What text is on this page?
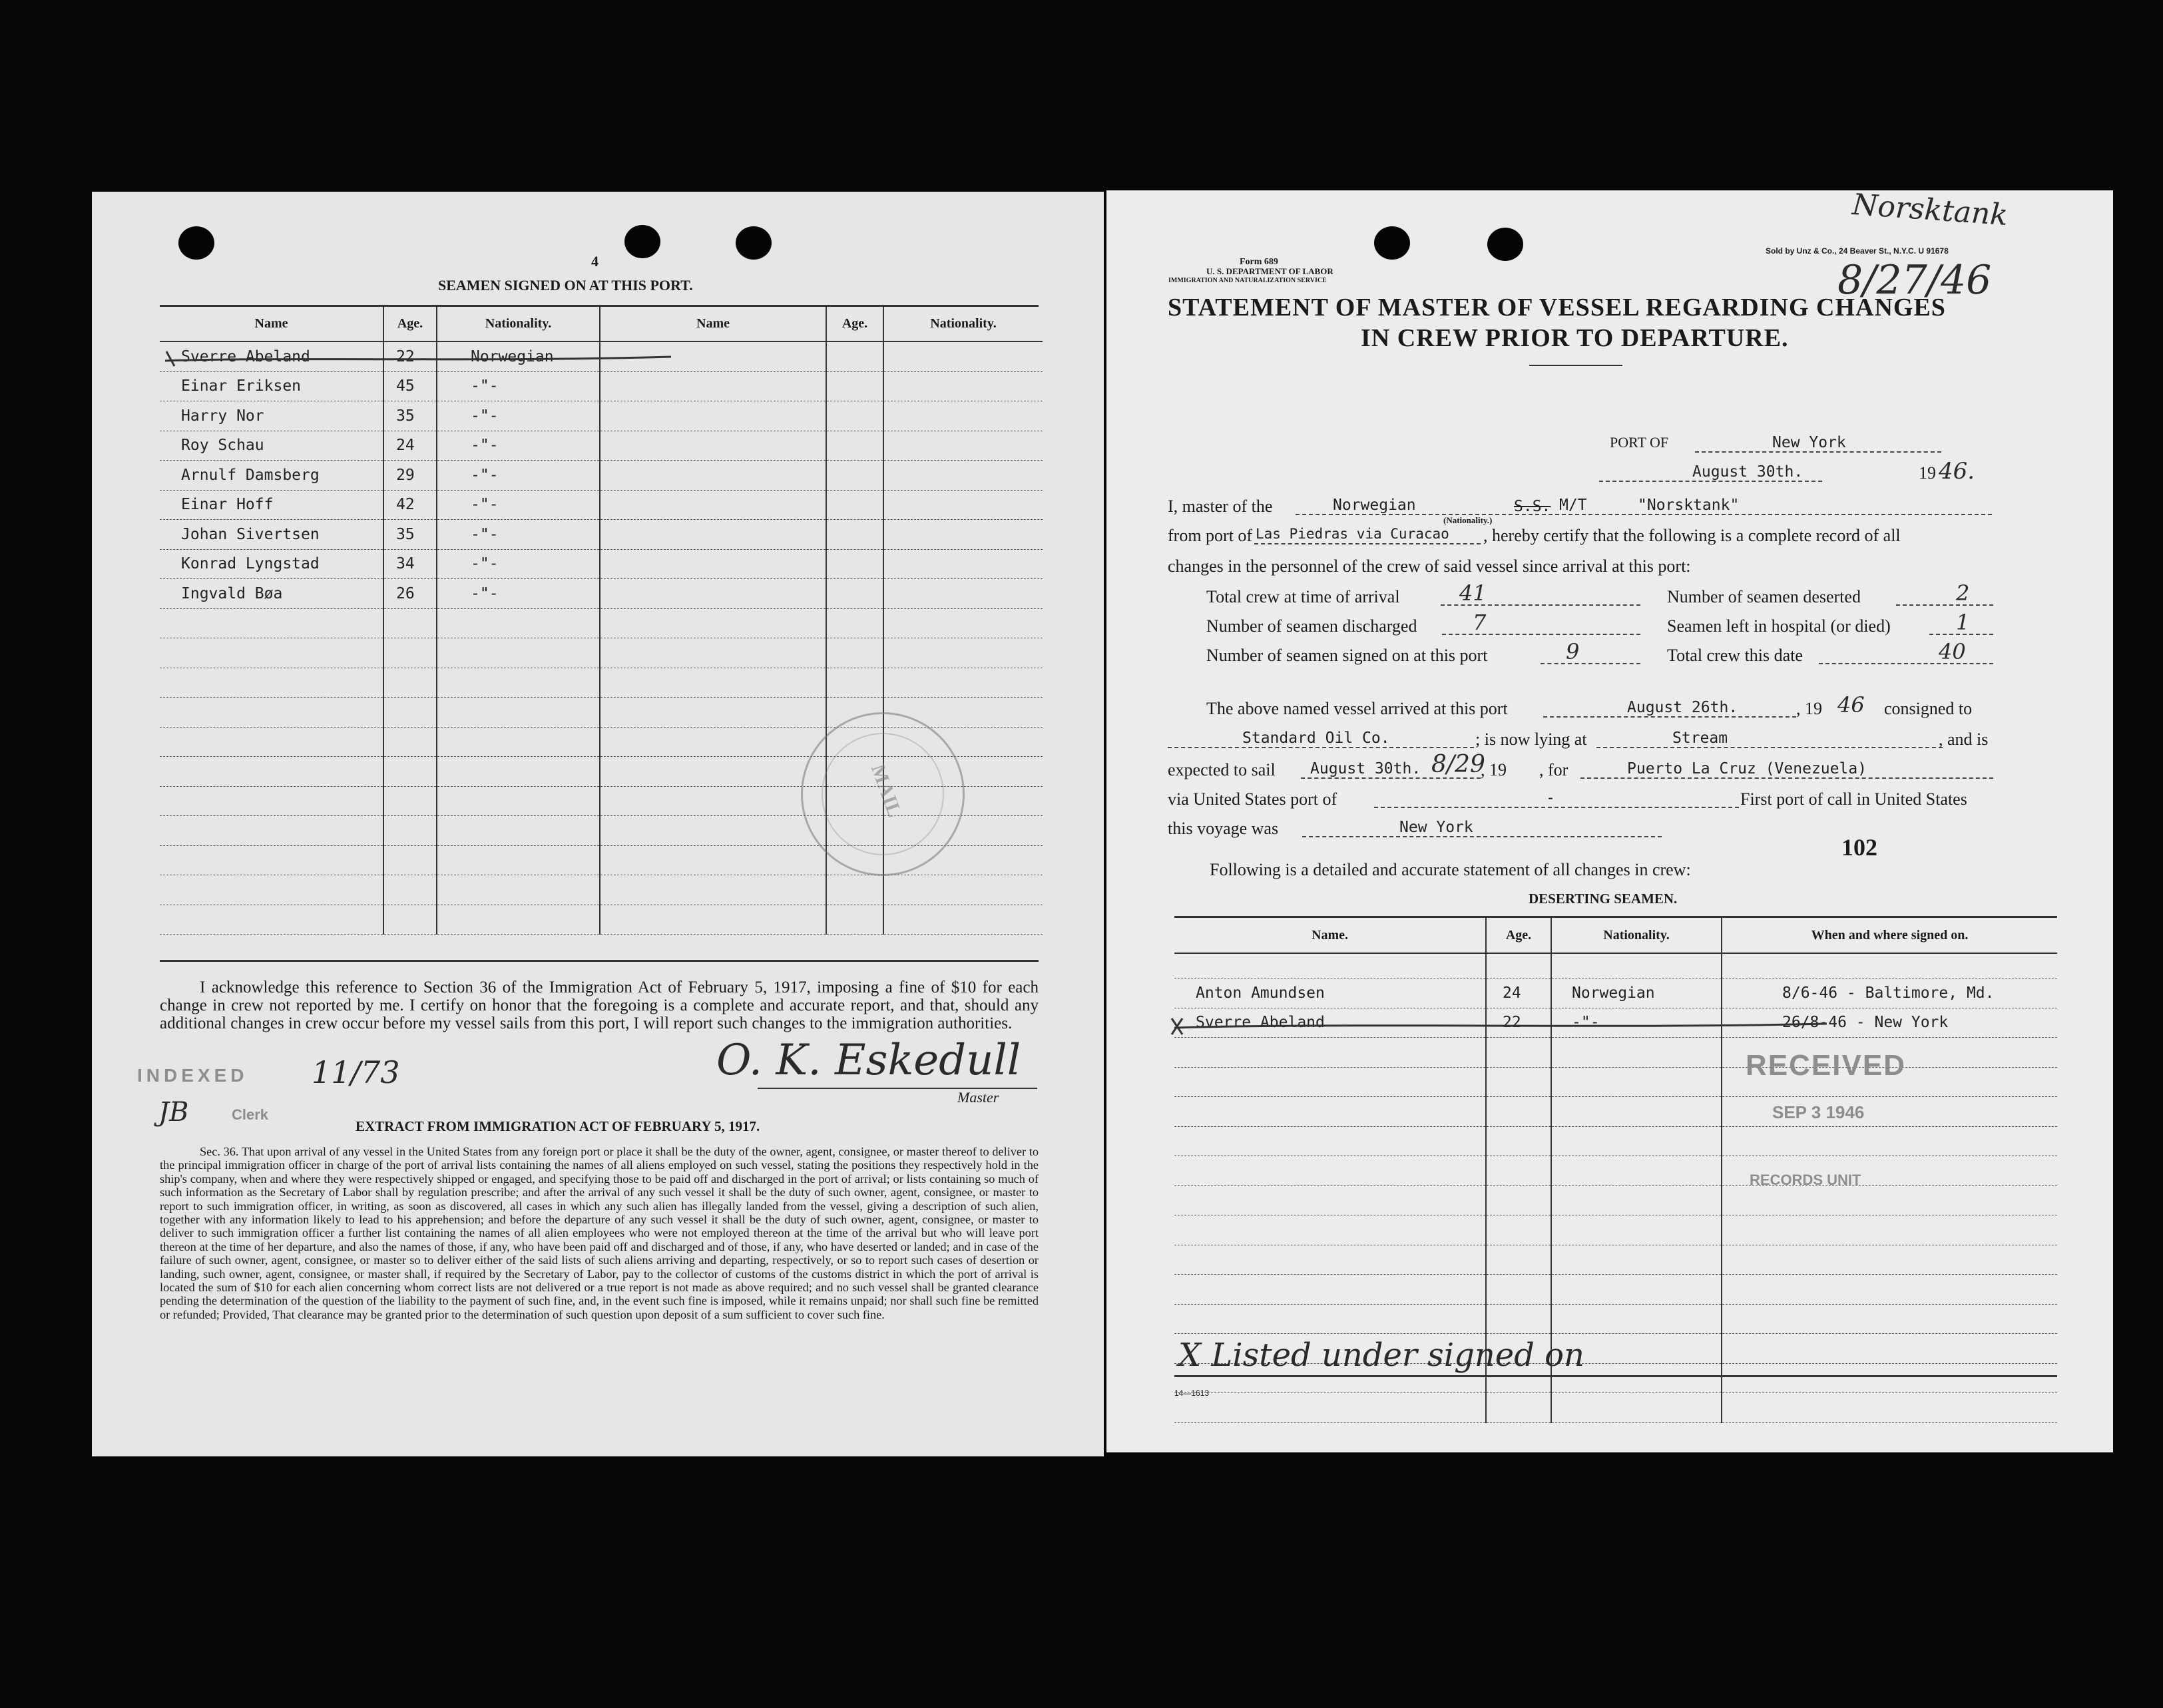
4
SEAMEN SIGNED ON AT THIS PORT.
Name	Age.	Nationality.	Name	Age.	Nationality.
Sverre Abeland	22	Norwegian			
Einar Eriksen	45	-"-			
Harry Nor	35	-"-			
Roy Schau	24	-"-			
Arnulf Damsberg	29	-"-			
Einar Hoff	42	-"-			
Johan Sivertsen	35	-"-			
Konrad Lyngstad	34	-"-			
Ingvald Bøa	26	-"-			

MAIL
I acknowledge this reference to Section 36 of the Immigration Act of February 5, 1917, imposing a fine of $10 for each change in crew not reported by me. I certify on honor that the foregoing is a complete and accurate report, and that, should any additional changes in crew occur before my vessel sails from this port, I will report such changes to the immigration authorities.
INDEXED 11/73
JB	Clerk
O. K. Eskedull
Master
EXTRACT FROM IMMIGRATION ACT OF FEBRUARY 5, 1917.
Sec. 36. That upon arrival of any vessel in the United States from any foreign port or place it shall be the duty of the owner, agent, consignee, or master thereof to deliver to the principal immigration officer in charge of the port of arrival lists containing the names of all aliens employed on such vessel, stating the positions they respectively hold in the ship's company, when and where they were respectively shipped or engaged, and specifying those to be paid off and discharged in the port of arrival; or lists containing so much of such information as the Secretary of Labor shall by regulation prescribe; and after the arrival of any such vessel it shall be the duty of such owner, agent, consignee, or master to report to such immigration officer, in writing, as soon as discovered, all cases in which any such alien has illegally landed from the vessel, giving a description of such alien, together with any information likely to lead to his apprehension; and before the departure of any such vessel it shall be the duty of such owner, agent, consignee, or master to deliver to such immigration officer a further list containing the names of all alien employees who were not employed thereon at the time of the arrival but who will leave port thereon at the time of her departure, and also the names of those, if any, who have been paid off and discharged and of those, if any, who have deserted or landed; and in case of the failure of such owner, agent, consignee, or master so to deliver either of the said lists of such aliens arriving and departing, respectively, or so to report such cases of desertion or landing, such owner, agent, consignee, or master shall, if required by the Secretary of Labor, pay to the collector of customs of the customs district in which the port of arrival is located the sum of $10 for each alien concerning whom correct lists are not delivered or a true report is not made as above required; and no such vessel shall be granted clearance pending the determination of the question of the liability to the payment of such fine, and, in the event such fine is imposed, while it remains unpaid; nor shall such fine be remitted or refunded; Provided, That clearance may be granted prior to the determination of such question upon deposit of a sum sufficient to cover such fine.
Form 689
U. S. DEPARTMENT OF LABOR
IMMIGRATION AND NATURALIZATION SERVICE
Sold by Unz & Co., 24 Beaver St., N.Y.C. U 91678
Norsktank
8/27/46
STATEMENT OF MASTER OF VESSEL REGARDING CHANGES
IN CREW PRIOR TO DEPARTURE.
PORT OF	New York
August 30th.	19 46.
I, master of the	Norwegian
(Nationality.)
S.S. M/T	"Norsktank"
from port of Las Piedras via Curacao , hereby certify that the following is a complete record of all
changes in the personnel of the crew of said vessel since arrival at this port:
Total crew at time of arrival	41	Number of seamen deserted	2
Number of seamen discharged	7	Seamen left in hospital (or died)	1
Number of seamen signed on at this port	9	Total crew this date	40
The above named vessel arrived at this port	August 26th.	, 19 46 consigned to
Standard Oil Co.	; is now lying at	Stream	, and is
expected to sail August 30th. 8/29
, 19 , for	Puerto La Cruz (Venezuela)
via United States port of	-	First port of call in United States
this voyage was	New York
102
Following is a detailed and accurate statement of all changes in crew:
DESERTING SEAMEN.
Name.	Age.	Nationality.	When and where signed on.

Anton Amundsen	24	Norwegian	8/6-46 - Baltimore, Md.
Sverre Abeland	22	-"-	26/8-46 - New York

RECEIVED
SEP 3 1946
RECORDS UNIT
X Listed under signed on
14—1613
